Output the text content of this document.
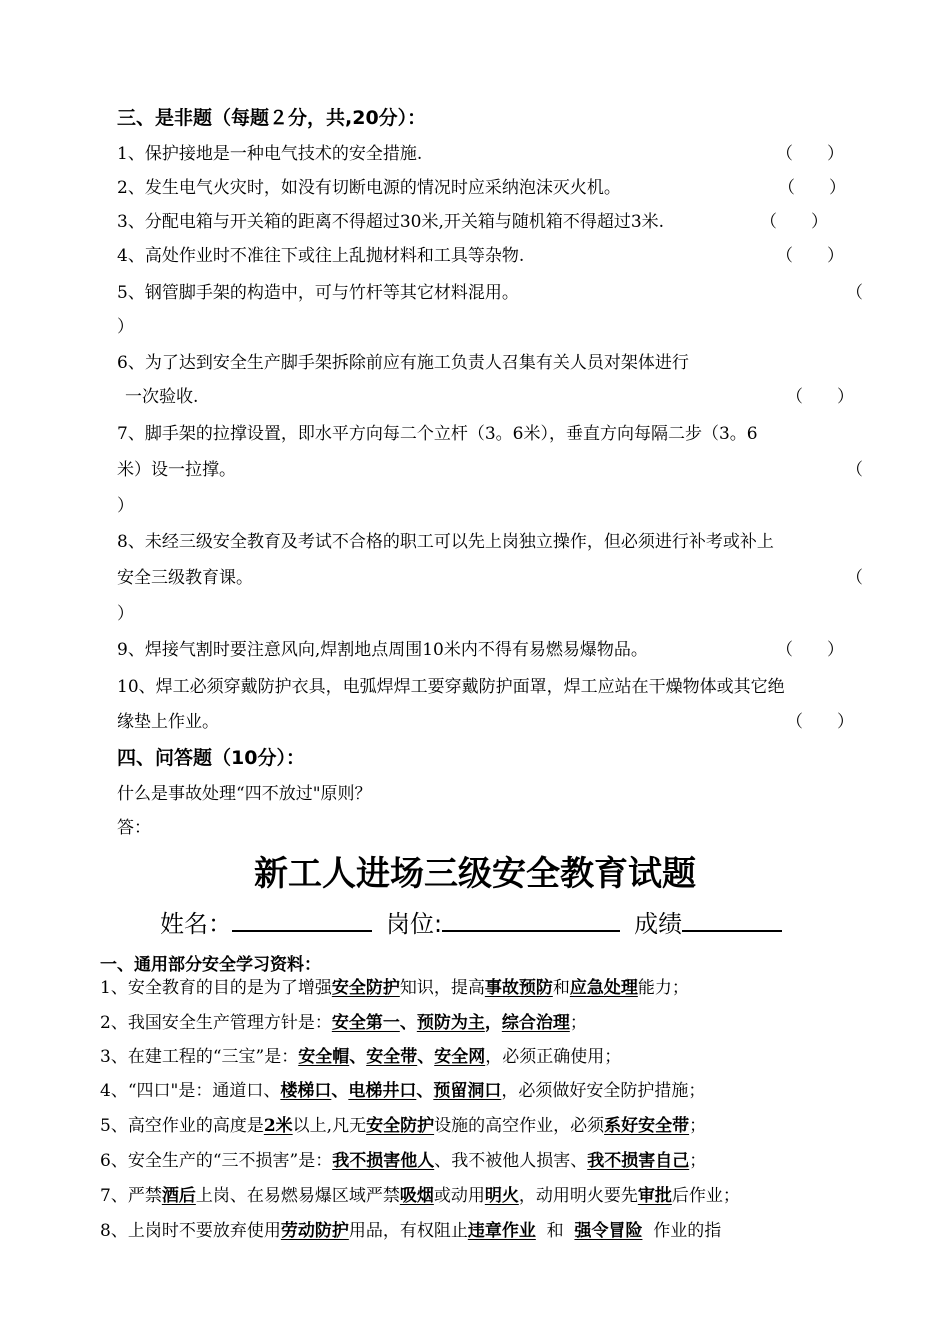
三、是非题（每题２分，共,20分）：
1、保护接地是一种电气技术的安全措施.	（　　）
2、发生电气火灾时，如没有切断电源的情况时应采纳泡沫灭火机。	（　　）
3、分配电箱与开关箱的距离不得超过30米,开关箱与随机箱不得超过3米.	（　　）
4、高处作业时不准往下或往上乱抛材料和工具等杂物.	（　　）
5、钢管脚手架的构造中，可与竹杆等其它材料混用。	（
）
6、为了达到安全生产脚手架拆除前应有施工负责人召集有关人员对架体进行
一次验收.	（　　）
7、脚手架的拉撑设置，即水平方向每二个立杆（3。6米），垂直方向每隔二步（3。6
米）设一拉撑。	（
）
8、未经三级安全教育及考试不合格的职工可以先上岗独立操作，但必须进行补考或补上
安全三级教育课。	（
）
9、焊接气割时要注意风向,焊割地点周围10米内不得有易燃易爆物品。	（　　）
10、焊工必须穿戴防护衣具，电弧焊焊工要穿戴防护面罩，焊工应站在干燥物体或其它绝
缘垫上作业。	（　　）
四、问答题（10分）：
什么是事故处理“四不放过"原则？
答：
新工人进场三级安全教育试题
姓名：	岗位:	成绩
一、通用部分安全学习资料：
1、安全教育的目的是为了增强安全防护知识，提高事故预防和应急处理能力；
2、我国安全生产管理方针是：安全第一、预防为主，综合治理；
3、在建工程的“三宝”是：安全帽、安全带、安全网，必须正确使用；
4、“四口"是：通道口、楼梯口、电梯井口、预留洞口，必须做好安全防护措施；
5、高空作业的高度是2米以上,凡无安全防护设施的高空作业，必须系好安全带；
6、安全生产的“三不损害”是：我不损害他人、我不被他人损害、我不损害自己；
7、严禁酒后上岗、在易燃易爆区域严禁吸烟或动用明火，动用明火要先审批后作业；
8、上岗时不要放弃使用劳动防护用品，有权阻止违章作业  和  强令冒险  作业的指
